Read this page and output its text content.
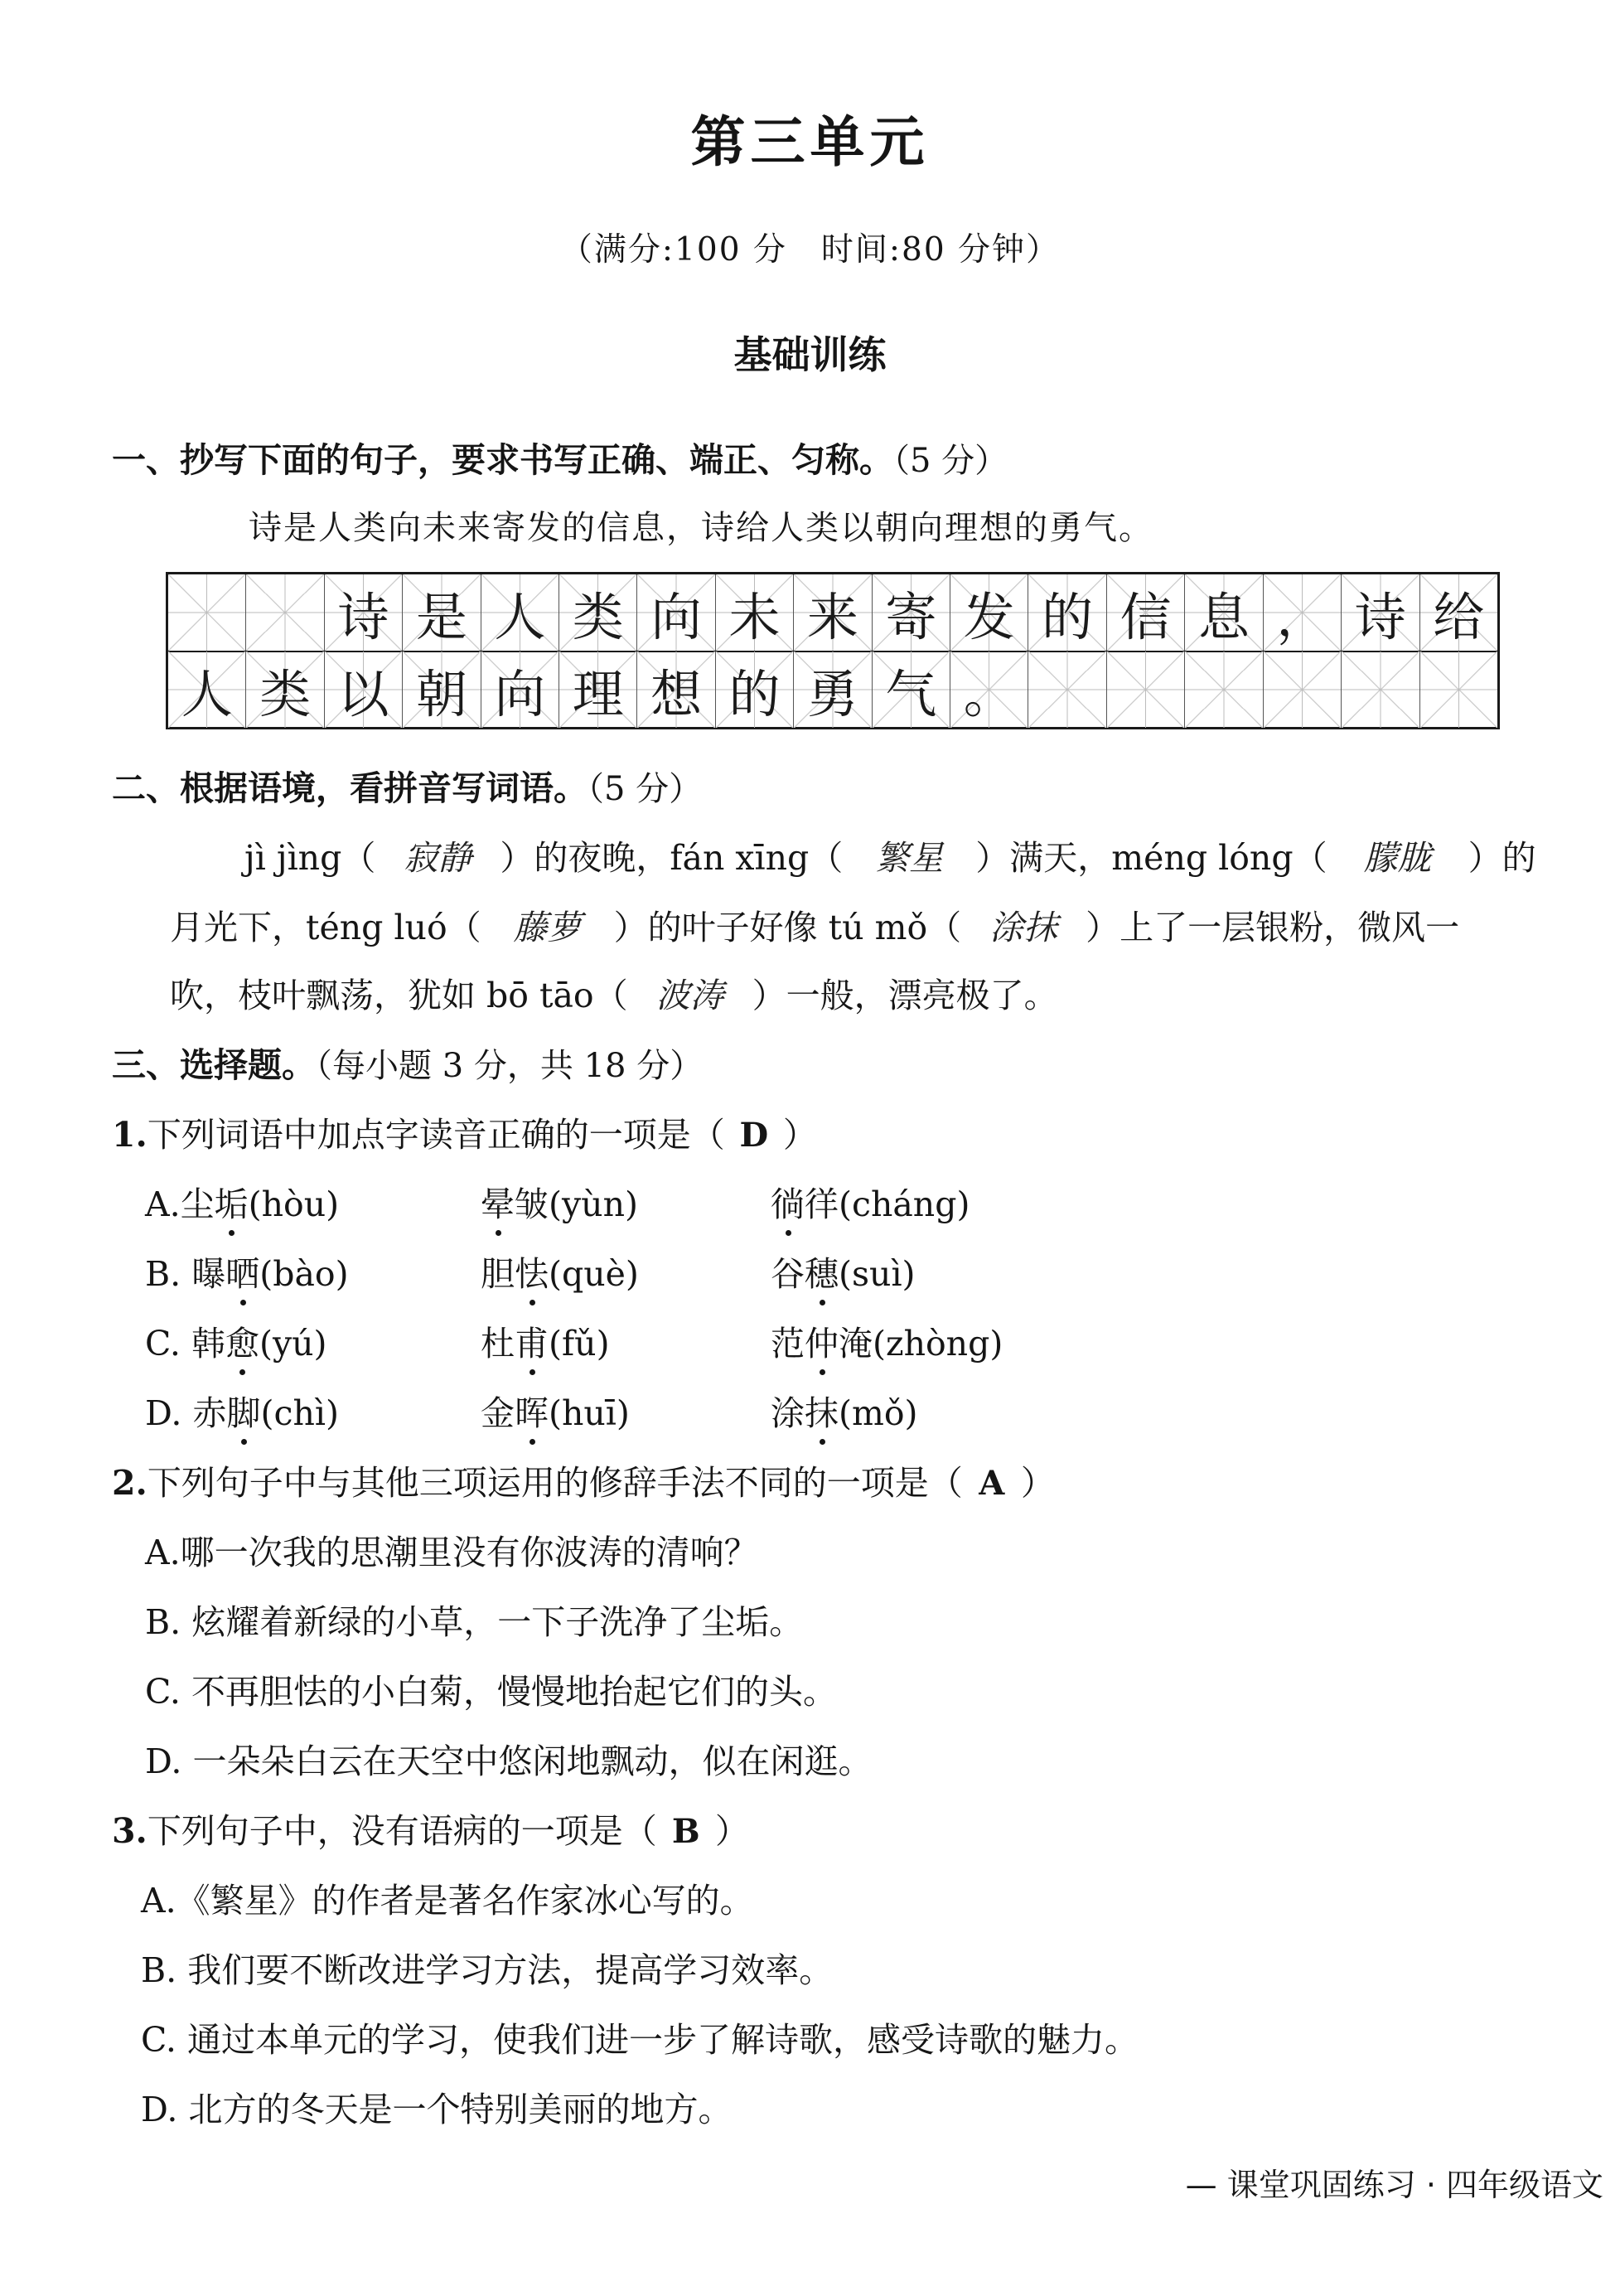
第三单元
（满分:100 分　时间:80 分钟）
基础训练
一、抄写下面的句子，要求书写正确、端正、匀称。（5 分）
诗是人类向未来寄发的信息，诗给人类以朝向理想的勇气。
诗 是 人 类 向 未 来 寄 发 的 信 息 ， 诗 给
人 类 以 朝 向 理 想 的 勇 气 。
二、根据语境，看拼音写词语。（5 分）
jì jìng（ 寂静 ）的夜晚，fán xīng（ 繁星 ）满天，méng lóng（ 朦胧 ）的
月光下，téng luó（ 藤萝 ）的叶子好像 tú mǒ（ 涂抹 ）上了一层银粉，微风一
吹，枝叶飘荡，犹如 bō tāo（ 波涛 ）一般，漂亮极了。
三、选择题。（每小题 3 分，共 18 分）
1.下列词语中加点字读音正确的一项是（ D ）
A.尘垢(hòu)	晕皱(yùn)	徜徉(cháng)
B. 曝晒(bào)	胆怯(què)	谷穗(suì)
C. 韩愈(yú)	杜甫(fǔ)	范仲淹(zhòng)
D. 赤脚(chì)	金晖(huī)	涂抹(mǒ)
2.下列句子中与其他三项运用的修辞手法不同的一项是（ A ）
A.哪一次我的思潮里没有你波涛的清响？
B. 炫耀着新绿的小草，一下子洗净了尘垢。
C. 不再胆怯的小白菊，慢慢地抬起它们的头。
D. 一朵朵白云在天空中悠闲地飘动，似在闲逛。
3.下列句子中，没有语病的一项是（ B ）
A.《繁星》的作者是著名作家冰心写的。
B. 我们要不断改进学习方法，提高学习效率。
C. 通过本单元的学习，使我们进一步了解诗歌，感受诗歌的魅力。
D. 北方的冬天是一个特别美丽的地方。
— 课堂巩固练习 · 四年级语文
